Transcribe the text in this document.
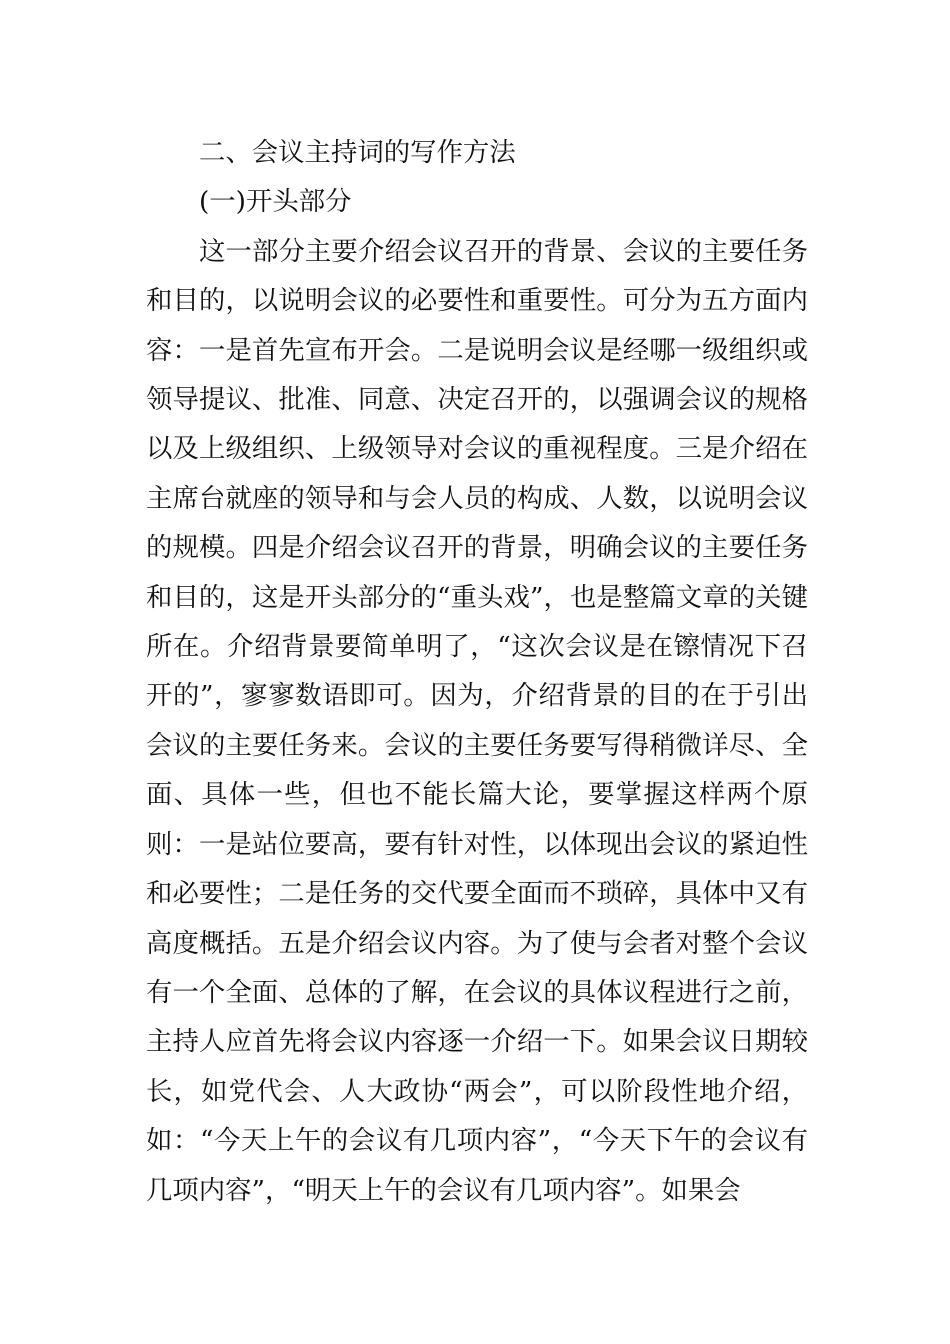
二、会议主持词的写作方法
(一)开头部分

这一部分主要介绍会议召开的背景、会议的主要任务和目的，以说明会议的必要性和重要性。可分为五方面内容：一是首先宣布开会。二是说明会议是经哪一级组织或领导提议、批准、同意、决定召开的，以强调会议的规格以及上级组织、上级领导对会议的重视程度。三是介绍在主席台就座的领导和与会人员的构成、人数，以说明会议的规模。四是介绍会议召开的背景，明确会议的主要任务和目的，这是开头部分的“重头戏”，也是整篇文章的关键所在。介绍背景要简单明了，“这次会议是在镲情况下召开的”，寥寥数语即可。因为，介绍背景的目的在于引出会议的主要任务来。会议的主要任务要写得稍微详尽、全面、具体一些，但也不能长篇大论，要掌握这样两个原则：一是站位要高，要有针对性，以体现出会议的紧迫性和必要性；二是任务的交代要全面而不琐碎，具体中又有高度概括。五是介绍会议内容。为了使与会者对整个会议有一个全面、总体的了解，在会议的具体议程进行之前，主持人应首先将会议内容逐一介绍一下。如果会议日期较长，如党代会、人大政协“两会”，可以阶段性地介绍，如：“今天上午的会议有几项内容”，“今天下午的会议有几项内容”，“明天上午的会议有几项内容”。如果会
